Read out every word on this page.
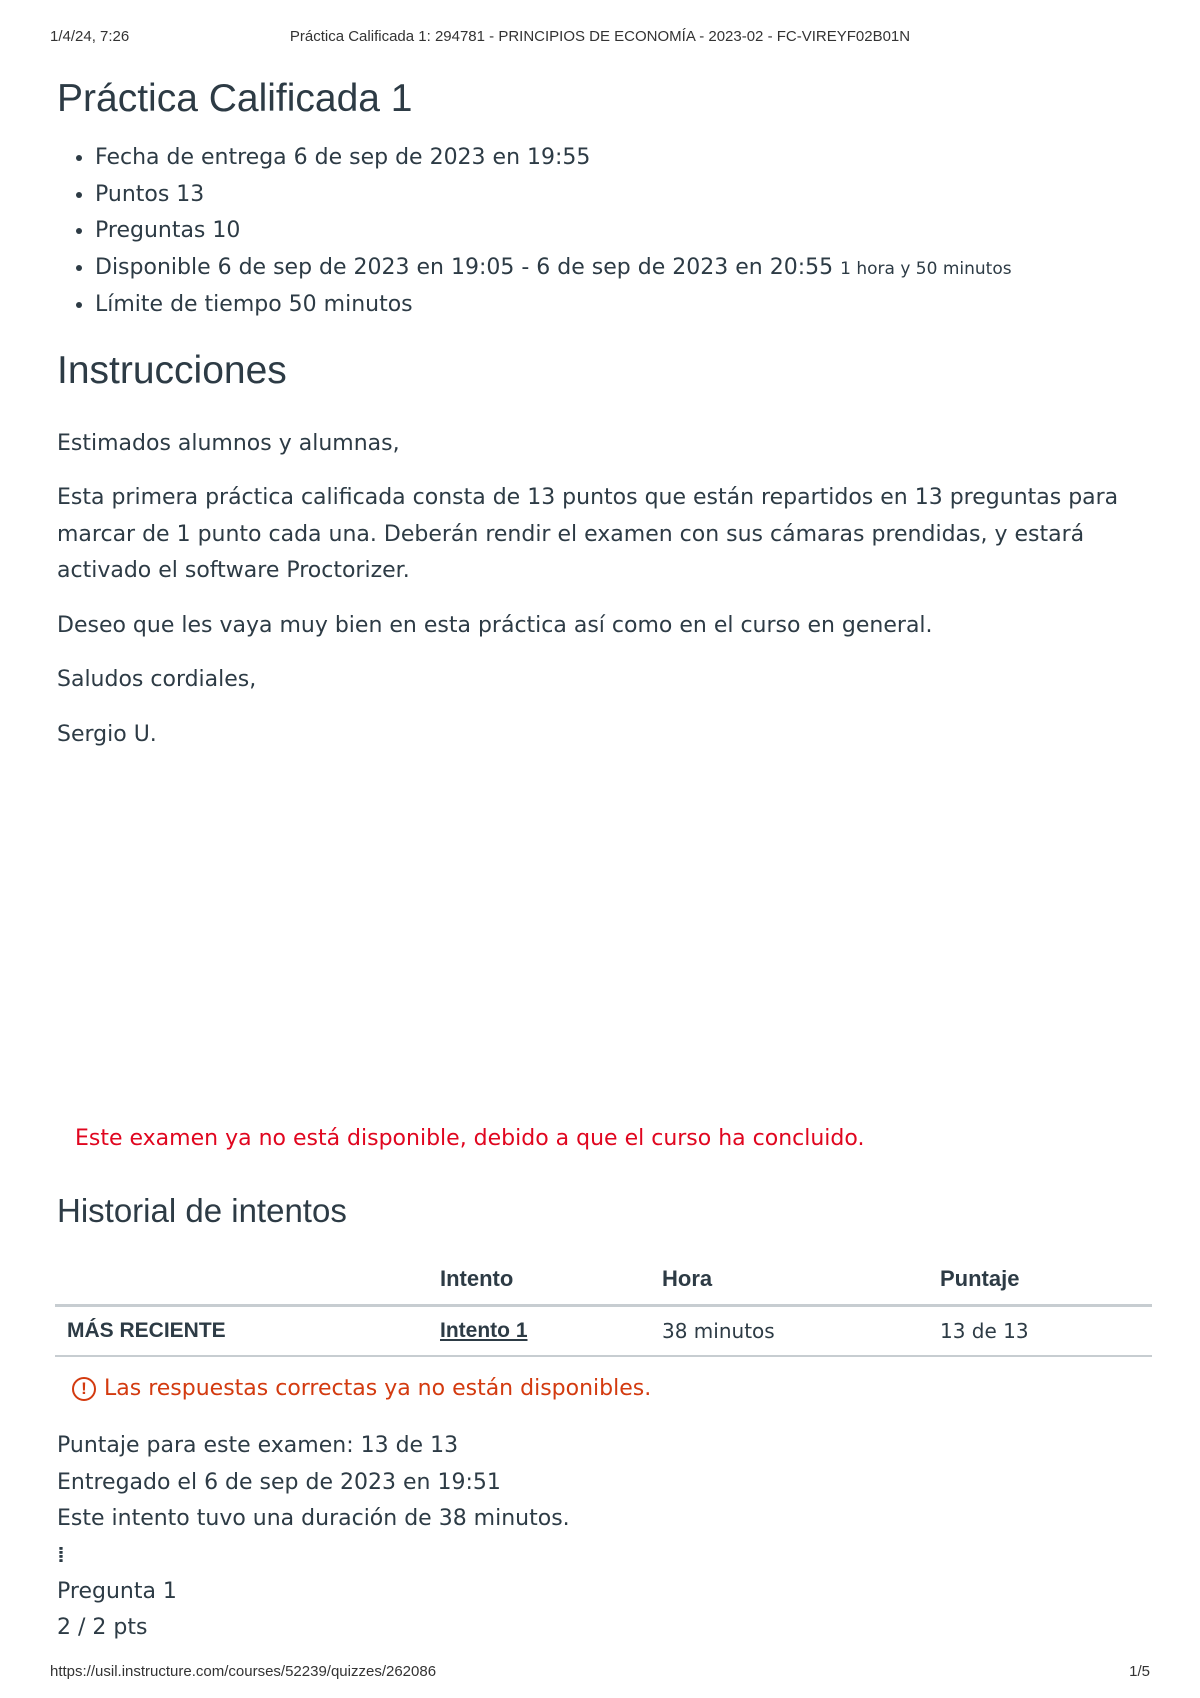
1/4/24, 7:26	Práctica Calificada 1: 294781 - PRINCIPIOS DE ECONOMÍA - 2023-02 - FC-VIREYF02B01N
Práctica Calificada 1
• Fecha de entrega 6 de sep de 2023 en 19:55
• Puntos 13
• Preguntas 10
• Disponible 6 de sep de 2023 en 19:05 - 6 de sep de 2023 en 20:55 1 hora y 50 minutos
• Límite de tiempo 50 minutos
Instrucciones

Estimados alumnos y alumnas,

Esta primera práctica calificada consta de 13 puntos que están repartidos en 13 preguntas para marcar de 1 punto cada una. Deberán rendir el examen con sus cámaras prendidas, y estará activado el software Proctorizer.

Deseo que les vaya muy bien en esta práctica así como en el curso en general.

Saludos cordiales,

Sergio U.

Este examen ya no está disponible, debido a que el curso ha concluido.
Historial de intentos
	Intento	Hora	Puntaje
MÁS RECIENTE	Intento 1	38 minutos	13 de 13
! Las respuestas correctas ya no están disponibles.
Puntaje para este examen: 13 de 13
Entregado el 6 de sep de 2023 en 19:51
Este intento tuvo una duración de 38 minutos.
⁞⁞
Pregunta 1
2 / 2 pts
https://usil.instructure.com/courses/52239/quizzes/262086	1/5
